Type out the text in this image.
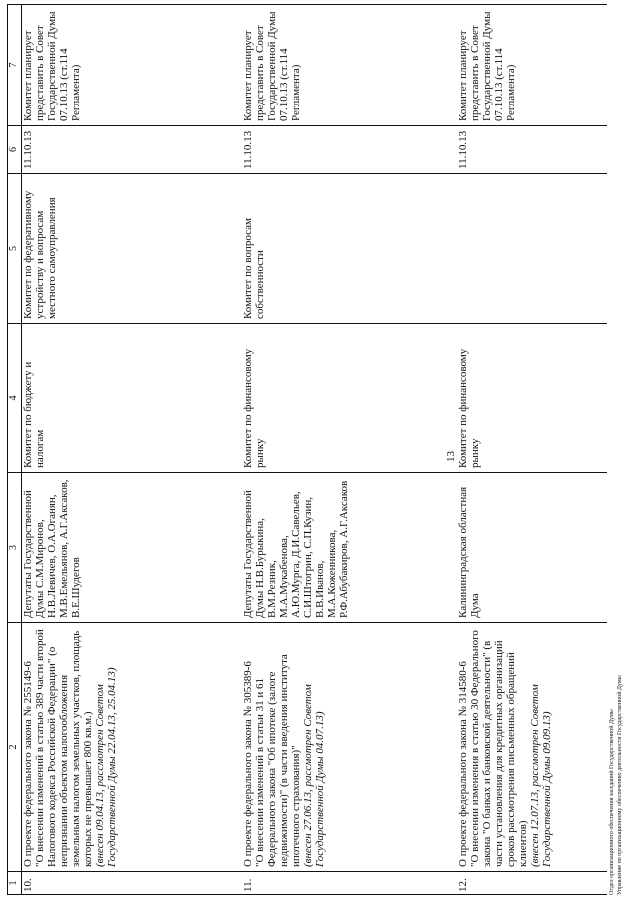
13
1	2	3	4	5	6	7
10.	О проекте федерального закона № 255149-6 "О внесении изменений в статью 389 части второй Налогового кодекса Российской Федерации" (о непризнании объектом налогообложения земельным налогом земельных участков, площадь которых не превышает 800 кв.м.) (внесен 09.04.13, рассмотрен Советом Государственной Думы 22.04.13, 25.04.13)	Депутаты Государственной Думы С.М.Миронов, Н.В.Левичев, О.А.Оганян, М.В.Емельянов, А.Г.Аксаков, В.Е.Шудегов	Комитет по бюджету и налогам	Комитет по федеративному устройству и вопросам местного самоуправления	11.10.13	Комитет планирует представить в Совет Государственной Думы 07.10.13 (ст.114 Регламента)
11.	О проекте федерального закона № 305389-6 "О внесении изменений в статьи 31 и 61 Федерального закона "Об ипотеке (залоге недвижимости)" (в части введения института ипотечного страхования)" (внесен 27.06.13, рассмотрен Советом Государственной Думы 04.07.13)	Депутаты Государственной Думы Н.В.Бурыкина, В.М.Резник, М.А.Мукабенова, А.Ю.Мурга, Д.И.Савельев, С.И.Штогрин, С.П.Кузин, В.В.Иванов, М.А.Коженникова, Р.Ф.Абубакиров, А.Г.Аксаков	Комитет по финансовому рынку	Комитет по вопросам собственности	11.10.13	Комитет планирует представить в Совет Государственной Думы 07.10.13 (ст.114 Регламента)
12.	О проекте федерального закона № 314580-6 "О внесении изменения в статью 30 Федерального закона "О банках и банковской деятельности" (в части установления для кредитных организаций сроков рассмотрения письменных обращений клиентов) (внесен 12.07.13, рассмотрен Советом Государственной Думы 09.09.13)	Калининградская областная Дума	Комитет по финансовому рынку		11.10.13	Комитет планирует представить в Совет Государственной Думы 07.10.13 (ст.114 Регламента)
Отдел организационного обеспечения заседаний Государственной Думы Управление по организационному обеспечению деятельности Государственной Думы
